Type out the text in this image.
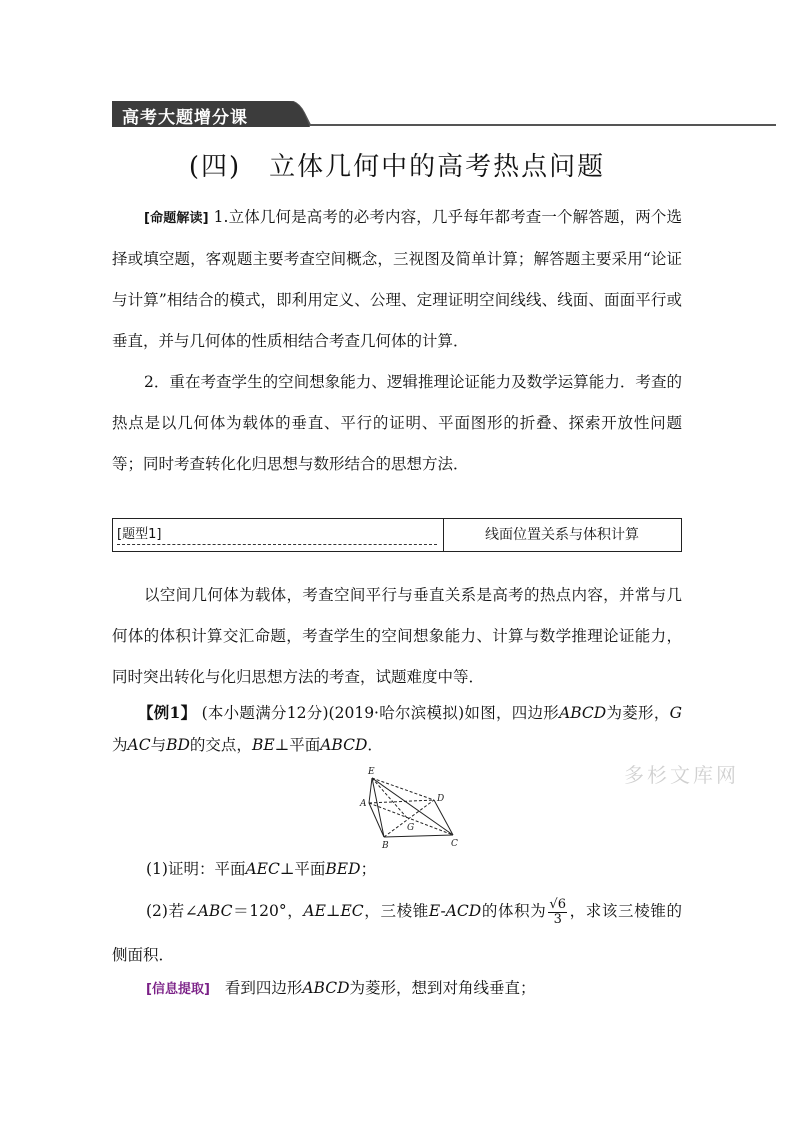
高考大题增分课
(四) 立体几何中的高考热点问题
[命题解读] 1.立体几何是高考的必考内容，几乎每年都考查一个解答题，两个选择或填空题，客观题主要考查空间概念，三视图及简单计算；解答题主要采用“论证与计算”相结合的模式，即利用定义、公理、定理证明空间线线、线面、面面平行或垂直，并与几何体的性质相结合考查几何体的计算．
2．重在考查学生的空间想象能力、逻辑推理论证能力及数学运算能力．考查的热点是以几何体为载体的垂直、平行的证明、平面图形的折叠、探索开放性问题等；同时考查转化化归思想与数形结合的思想方法．
[题型1]	线面位置关系与体积计算
以空间几何体为载体，考查空间平行与垂直关系是高考的热点内容，并常与几何体的体积计算交汇命题，考查学生的空间想象能力、计算与数学推理论证能力，同时突出转化与化归思想方法的考查，试题难度中等．
【例1】 (本小题满分12分)(2019·哈尔滨模拟)如图，四边形ABCD为菱形，G为AC与BD的交点，BE⊥平面ABCD．
E
A	D
G
B	C
(1)证明：平面AEC⊥平面BED；
(2)若∠ABC＝120°，AE⊥EC，三棱锥E-ACD的体积为 $\frac{√6}{3}$ ，求该三棱锥的侧面积．
[信息提取] 看到四边形ABCD为菱形，想到对角线垂直；
多杉文库网
